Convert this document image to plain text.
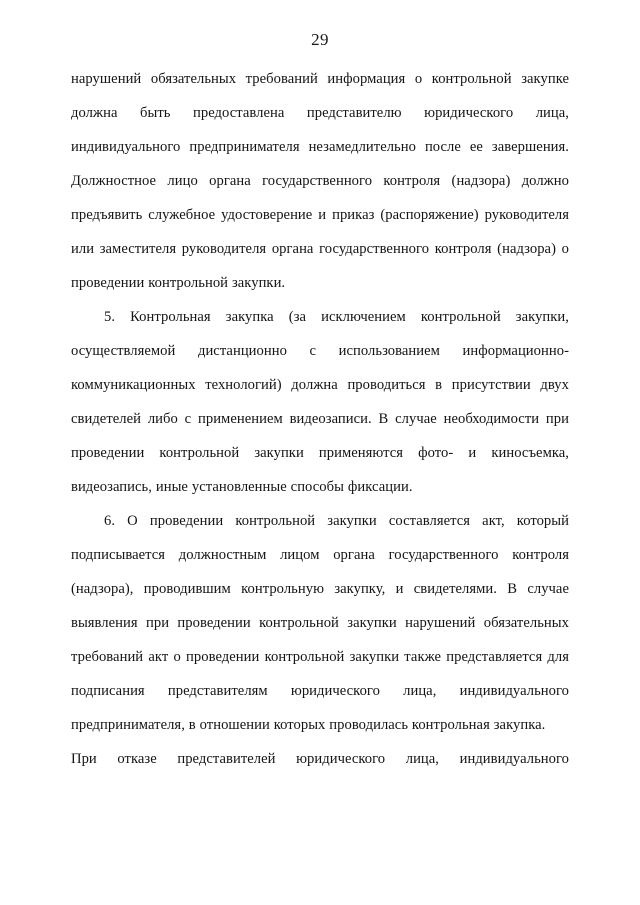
29

нарушений обязательных требований информация о контрольной закупке должна быть предоставлена представителю юридического лица, индивидуального предпринимателя незамедлительно после ее завершения. Должностное лицо органа государственного контроля (надзора) должно предъявить служебное удостоверение и приказ (распоряжение) руководителя или заместителя руководителя органа государственного контроля (надзора) о проведении контрольной закупки.

5. Контрольная закупка (за исключением контрольной закупки, осуществляемой дистанционно с использованием информационно-коммуникационных технологий) должна проводиться в присутствии двух свидетелей либо с применением видеозаписи. В случае необходимости при проведении контрольной закупки применяются фото- и киносъемка, видеозапись, иные установленные способы фиксации.

6. О проведении контрольной закупки составляется акт, который подписывается должностным лицом органа государственного контроля (надзора), проводившим контрольную закупку, и свидетелями. В случае выявления при проведении контрольной закупки нарушений обязательных требований акт о проведении контрольной закупки также представляется для подписания представителям юридического лица, индивидуального предпринимателя, в отношении которых проводилась контрольная закупка.

При отказе представителей юридического лица, индивидуального
